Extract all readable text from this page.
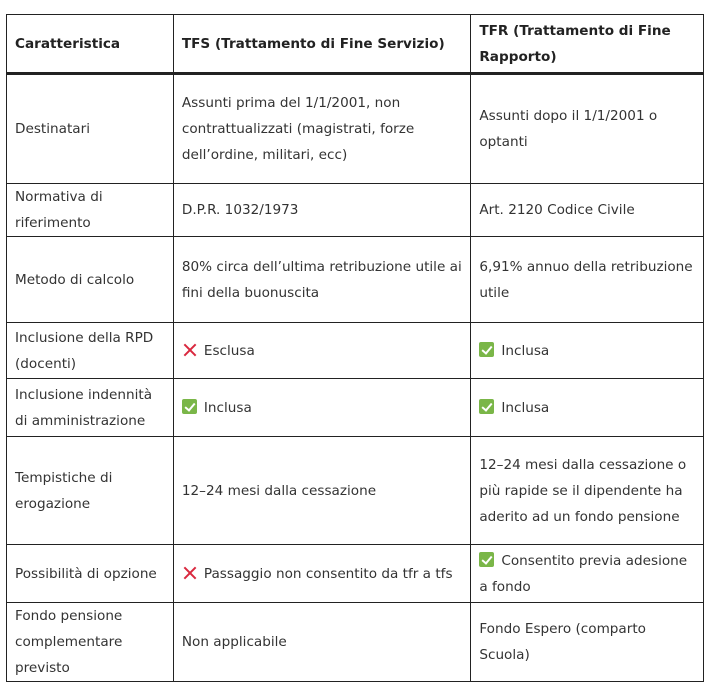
Caratteristica	TFS (Trattamento di Fine Servizio)	TFR (Trattamento di Fine Rapporto)
Destinatari	Assunti prima del 1/1/2001, non contrattualizzati (magistrati, forze dell’ordine, militari, ecc)	Assunti dopo il 1/1/2001 o optanti
Normativa di riferimento	D.P.R. 1032/1973	Art. 2120 Codice Civile
Metodo di calcolo	80% circa dell’ultima retribuzione utile ai fini della buonuscita	6,91% annuo della retribuzione utile
Inclusione della RPD (docenti)	Esclusa	Inclusa
Inclusione indennità di amministrazione	Inclusa	Inclusa
Tempistiche di erogazione	12–24 mesi dalla cessazione	12–24 mesi dalla cessazione o più rapide se il dipendente ha aderito ad un fondo pensione
Possibilità di opzione	Passaggio non consentito da tfr a tfs	Consentito previa adesione a fondo
Fondo pensione complementare previsto	Non applicabile	Fondo Espero (comparto Scuola)
